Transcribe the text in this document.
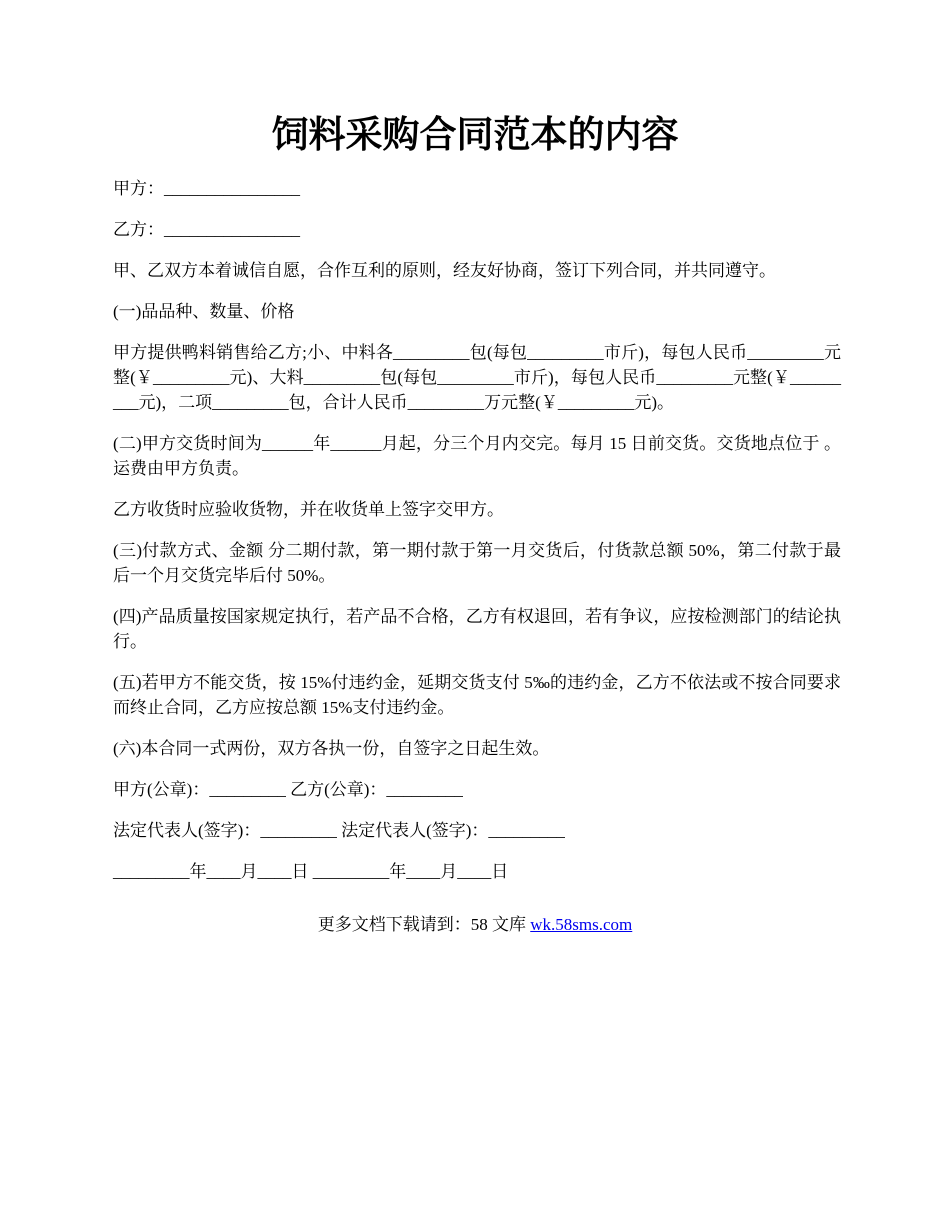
饲料采购合同范本的内容

甲方：________________

乙方：________________

甲、乙双方本着诚信自愿，合作互利的原则，经友好协商，签订下列合同，并共同遵守。

(一)品品种、数量、价格

甲方提供鸭料销售给乙方;小、中料各_________包(每包_________市斤)，每包人民币_________元整(￥_________元)、大料_________包(每包_________市斤)，每包人民币_________元整(￥_________元)，二项_________包，合计人民币_________万元整(￥_________元)。

(二)甲方交货时间为______年______月起，分三个月内交完。每月 15 日前交货。交货地点位于 。运费由甲方负责。

乙方收货时应验收货物，并在收货单上签字交甲方。

(三)付款方式、金额 分二期付款，第一期付款于第一月交货后，付货款总额 50%，第二付款于最后一个月交货完毕后付 50%。

(四)产品质量按国家规定执行，若产品不合格，乙方有权退回，若有争议，应按检测部门的结论执行。

(五)若甲方不能交货，按 15%付违约金，延期交货支付 5‰的违约金，乙方不依法或不按合同要求而终止合同，乙方应按总额 15%支付违约金。

(六)本合同一式两份，双方各执一份，自签字之日起生效。

甲方(公章)：_________ 乙方(公章)：_________

法定代表人(签字)：_________ 法定代表人(签字)：_________

_________年____月____日 _________年____月____日

更多文档下载请到：58 文库 wk.58sms.com
